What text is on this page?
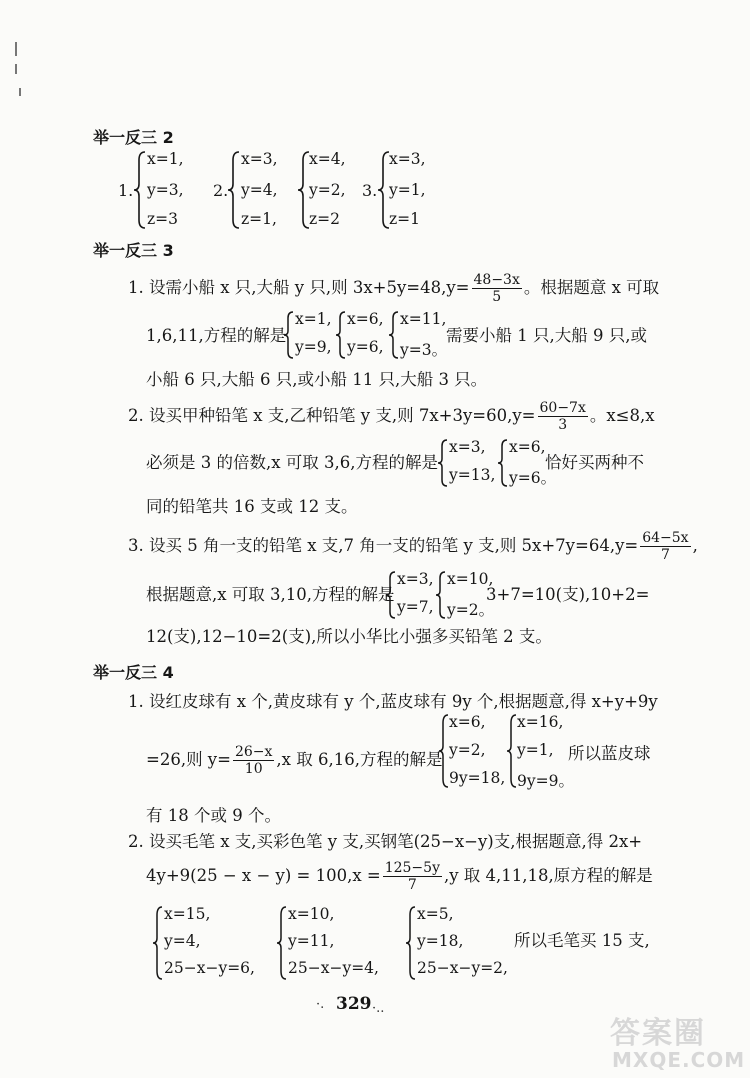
举一反三 2
1.
x=1,
y=3,
z=3
2.
x=3,
y=4,
z=1,
x=4,
y=2,
z=2
3.
x=3,
y=1,
z=1
举一反三 3
1. 设需小船 x 只,大船 y 只,则 $3x+5y=48,y= \frac{48-3x}{5}$ 。根据题意 x 可取
1,6,11,方程的解是
x=1,
y=9,
x=6,
y=6,
x=11,
y=3。
需要小船 1 只,大船 9 只,或
小船 6 只,大船 6 只,或小船 11 只,大船 3 只。
2. 设买甲种铅笔 x 支,乙种铅笔 y 支,则 $7x+3y=60,y= \frac{60-7x}{3}$ 。x≤8,x
必须是 3 的倍数,x 可取 3,6,方程的解是
x=3,
y=13,
x=6,
y=6。
恰好买两种不
同的铅笔共 16 支或 12 支。
3. 设买 5 角一支的铅笔 x 支,7 角一支的铅笔 y 支,则 $5x+7y=64,y= \frac{64-5x}{7}$ ,
根据题意,x 可取 3,10,方程的解是
x=3,
y=7,
x=10,
y=2。
3+7=10(支),10+2=
12(支),12−10=2(支),所以小华比小强多买铅笔 2 支。
举一反三 4
1. 设红皮球有 x 个,黄皮球有 y 个,蓝皮球有 9y 个,根据题意,得 x+y+9y
=26,则 $y= \frac{26-x}{10} ,x$ 取 6,16,方程的解是
x=6,
y=2,
9y=18,
x=16,
y=1,
9y=9。
所以蓝皮球
有 18 个或 9 个。
2. 设买毛笔 x 支,买彩色笔 y 支,买钢笔(25−x−y)支,根据题意,得 2x+
$4y+9(25 - x - y) = 100,x = \frac{125-5y}{7} ,y$ 取 4,11,18,原方程的解是
x=15,
y=4,
25−x−y=6,
x=10,
y=11,
25−x−y=4,
x=5,
y=18,
25−x−y=2,
所以毛笔买 15 支,
·. 329 ·..
答案圈
MXQE.COM
